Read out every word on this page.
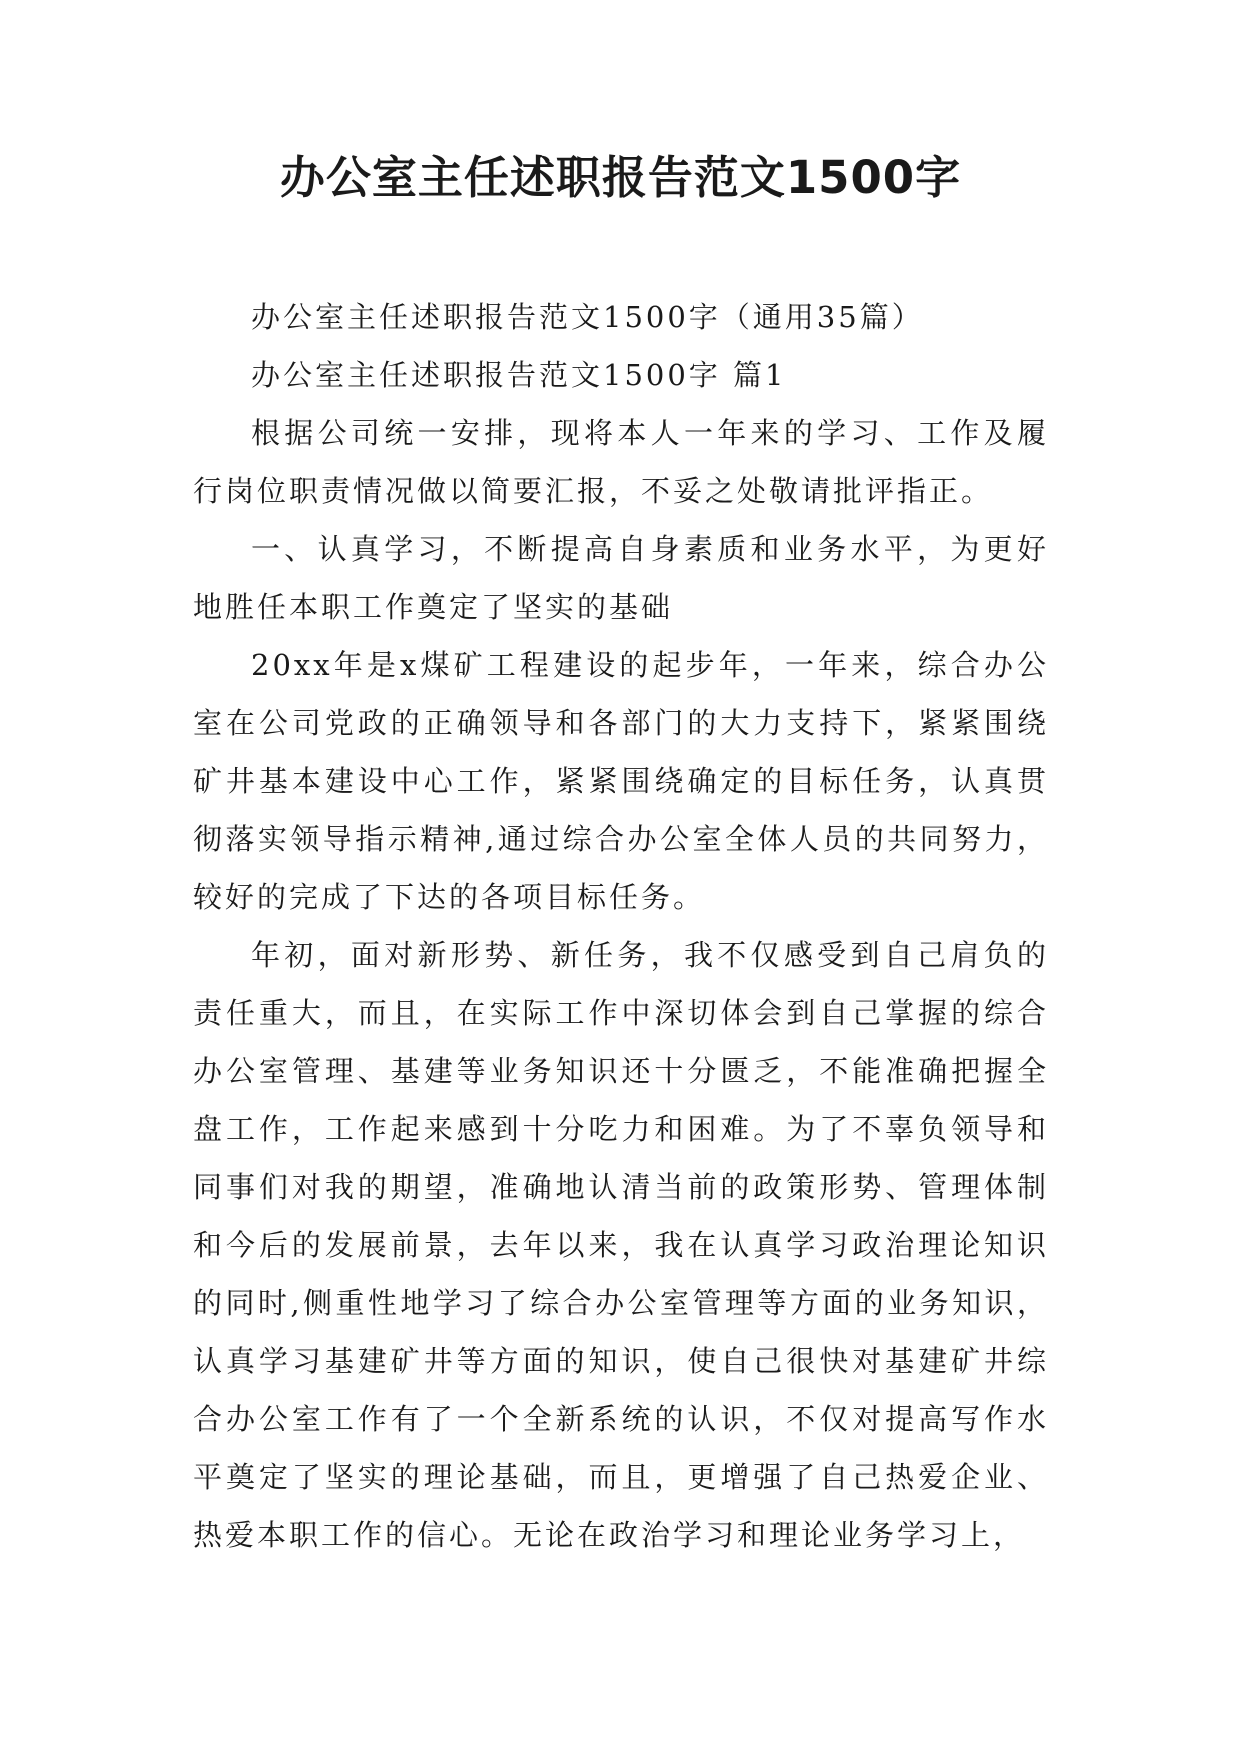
办公室主任述职报告范文1500字

办公室主任述职报告范文1500字（通用35篇）

办公室主任述职报告范文1500字 篇1

根据公司统一安排，现将本人一年来的学习、工作及履行岗位职责情况做以简要汇报，不妥之处敬请批评指正。

一、认真学习，不断提高自身素质和业务水平，为更好地胜任本职工作奠定了坚实的基础

20xx年是x煤矿工程建设的起步年，一年来，综合办公室在公司党政的正确领导和各部门的大力支持下，紧紧围绕矿井基本建设中心工作，紧紧围绕确定的目标任务，认真贯彻落实领导指示精神,通过综合办公室全体人员的共同努力，较好的完成了下达的各项目标任务。

年初，面对新形势、新任务，我不仅感受到自己肩负的责任重大，而且，在实际工作中深切体会到自己掌握的综合办公室管理、基建等业务知识还十分匮乏，不能准确把握全盘工作，工作起来感到十分吃力和困难。为了不辜负领导和同事们对我的期望，准确地认清当前的政策形势、管理体制和今后的发展前景，去年以来，我在认真学习政治理论知识的同时,侧重性地学习了综合办公室管理等方面的业务知识，认真学习基建矿井等方面的知识，使自己很快对基建矿井综合办公室工作有了一个全新系统的认识，不仅对提高写作水平奠定了坚实的理论基础，而且，更增强了自己热爱企业、热爱本职工作的信心。无论在政治学习和理论业务学习上，
